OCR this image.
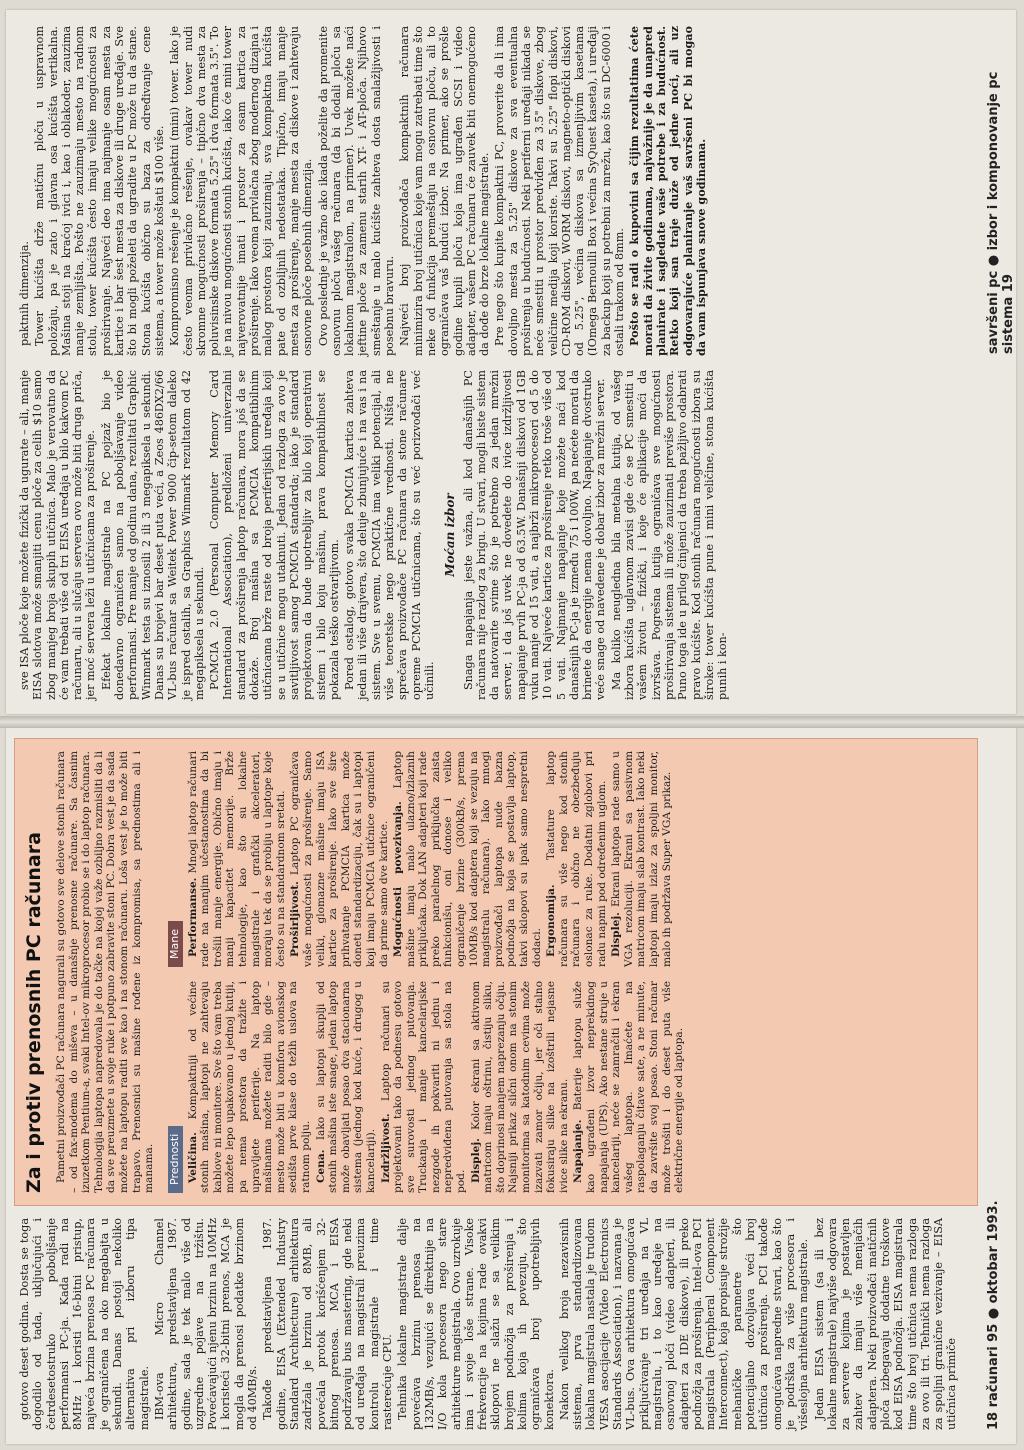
18 računari 95 ● oktobar 1993.

gotovo deset godina. Dosta se toga dogodilo od tada, uključujući i četrdesetostruko poboljšanje performansi PC-ja. Kada radi na 8MHz i koristi 16-bitni pristup, najveća brzina prenosa PC računara je ograničena na oko megabajta u sekundi. Danas postoji nekoliko alternativa pri izboru tipa magistrale. IBM-ova Micro Channel arhitektura, predstavljena 1987. godine, sada je tek malo više od uzgredne pojave na tržištu. Povećavajući njenu brzinu na 10MHz i koristeći 32-bitni prenos, MCA je mogla da prenosi podatke brzinom od 40MB/s. Takođe predstavljena 1987. godine, EISA (Extended Industry Standard Architecture) arhitektura zadržala je brzinu od 8MB, ali povećala protok korišćenjem 32-bitnog prenosa. MCA i EISA podržavaju bus mastering, gde neki od uređaja na magistrali preuzima kontrolu magistrale i time rasterećuje CPU. Tehnika lokalne magistrale dalje povećava brzinu prenosa na 132MB/s, vezujući se direktnije na I/O kola procesora nego stare arhitekture magistrala. Ovo uzrokuje ima i svoje loše strane. Visoke frekvencije na kojima rade ovakvi sklopovi ne slažu se sa velikim brojem podnožja za proširenja i kolima koja ih povezuju, što ograničava broj upotrebljivih konektora. Nakon velikog broja nezavisnih sistema, prva standardizovana lokalna magistrala nastala je trudom VESA asocijacije (Video Electronics Standards Association), i nazvana je VL-bus. Ova arhitektura omogućava priključivanje tri uređaja na VL magistralu, i to kao uređaje na osnovnoj ploči (video adapteri, ili adapteri za IDE diskove), ili preko podnožja za proširenja. Intel-ova PCI magistrala (Peripheral Component Interconnect), koja propisuje strožije mehaničke parametre što potencijalno dozvoljava veći broj utičnica za proširenja. PCI takođe omogućava napredne stvari, kao što je podrška za više procesora i višeslojna arhitektura magistrale. Jedan EISA sistem (sa ili bez lokalne magistrale) najviše odgovara za servere kojima je postavljen zahtev da imaju više menjačih adaptera. Neki proizvođači matičnih ploča izbegavaju dodatne troškove kod EISA podnožja. EISA magistrala time što broj utičnica nema razloga za ovo ili tri. Tehnički nema razloga za spoljni granične vezivanje – EISA utičnica primiče

Za i protiv prenosnih PC računara Pametni proizvođači PC računara nagurali su gotovo sve delove stonih računara – od fax-modema do miševa – u današnje prenosne računare. Sa časnim izuzetkom Pentium-a, svaki Intel-ov mikroprocesor probio se i do laptop računara. Tehnologija laptopa napredovala je do tačke na kojoj važe ozbiljno razmisliti da li da sve preuzmete u svoje ruke i potpuno zabravite stoni PC. Dobra vest je da sada možete na laptopu raditi sve kao i na stonom računaru. Loša vest je to može biti trapavo. Prenosnici su mašine rođene iz kompromisa, sa prednostima ali i manama. Prednosti Veličina. Kompaktniji od većine stonih mašina, laptopi ne zahtevaju kablove ni monitore. Sve što vam treba možete lepo upakovano u jednoj kutiji, pa nema prostora da tražite i upravljete periferije. Na laptop mašinama možete raditi bilo gde – mesto može biti u komforu avionskog sedišta prve klase do težih uslova na ratnom polju. Cena. Iako su laptopi skuplji od stonih mašina iste snage, jedan laptop može obavljati posao dva stacionarna sistema (jednog kod kuće, i drugog u kancelariji). Izdržljivost. Laptop računari su projektovani tako da podnesu gotovo sve surovosti jednog putovanja. Truckanja i manje kancelarijske nezgode ih pokvariti ni jednu i nepredviđena putovanja sa stola na pod. Displej. Kolor ekrani sa aktivnom matricom imaju oštrinu, čistiju sliku, što doprinosi manjem naprezanju očiju. Najsniji prikaz slični onom na stonim monitorima sa katodnim cevima može izazvati zamor očiju, jer oči stalno fokusiraju slike na izoštrili nejasne ivice slike na ekranu. Napajanje. Baterije laptopu služe kao ugrađeni izvor neprekidnog napajanja (UPS). Ako nestane struje u kancelariji, neće se zamračiti i ekran vašeg laptopa. Imaćete na raspolaganju čitave sate, a ne minute, da završite svoj posao. Stoni računar može trošiti i do deset puta više električne energije od laptopa.

Mane Performanse. Mnogi laptop računari rade na manjim učestanostima da bi trošili manje energije. Obično imaju i manji kapacitet memorije. Brže tehnologije, kao što su lokalne magistrale i grafički akceleratori, moraju tek da se probiju u laptope koje često su na standardnom sretati. Proširljivost. Laptop PC ograničava vaše mogućnosti za proširenje. Samo veliki, glomazne mašine imaju ISA kartice za proširenje. Iako sve šire prihvatanje PCMCIA kartica može doneti standardizaciju, čak su i laptopi koji imaju PCMCIA utičnice ograničeni da prime samo dve kartice. Mogućnosti povezivanja. Laptop mašine imaju malo ulazno/izlaznih priključaka. Dok LAN adapteri koji rade preko paralelnog priključka zaista funkcionišu, oni donose i veliko ograničenje brzine (300kB/s, prema 10MB/s kod adaptera koji se vezuju na magistralu računara). Iako mnogi proizvođači laptopa nude bazna podnožja na koja se postavlja laptop, takvi sklopovi su ipak samo nespretni dodaci. Ergonomija. Tastature laptop računara su više nego kod stonih računara i obično ne obezbeđuju oslonac za ruke. Dodatni zglobovi pri radu napmi pod određenim uglom. Displej. Ekrani laptopa rade samo u VGA rezoluciji. Ekrani sa pasivnom matricom imaju slab kontrast. Iako neki laptopi imaju izlaz za spoljni monitor, malo ih podržava Super VGA prikaz.

savršeni pc ● izbor i komponovanje pc sistema 19

sve ISA ploče koje možete fizički da ugurate – ali, manje EISA slotova može smanjiti cenu ploče za celih $10 samo zbog manjeg broja skupih utičnica. Malo je verovatno da će vam trebati više od tri EISA uređaja u bilo kakvom PC računaru, ali u slučaju servera ovo može biti druga priča, jer moć servera leži u utičnicama za proširenje. Efekat lokalne magistrale na PC pojzaž bio je donedavno ograničen samo na poboljšavanje video performansi. Pre manje od godinu dana, rezultati Graphic Winmark testa su iznosili 2 ili 3 megapiksela u sekundi. Danas su brojevi bar deset puta veći, a Zeos 486DX2/66 VL-bus računar sa Weitek Power 9000 čip-setom daleko je ispred ostalih, sa Graphics Winmark rezultatom od 42 megapiksela u sekundi. PCMCIA 2.0 (Personal Computer Memory Card International Association), predloženi univerzalni standard za proširenja laptop računara, mora još da se dokaže. Broj mašina sa PCMCIA kompatibilnim utičnicama brže raste od broja periferijskih uređaja koji se u utičnice mogu utaknuti. Jedan od razloga za ovo je savitljivost samog PCMCIA standarda; iako je standard projektovan da bude upotrebljiv za bilo koji operativni sistem i bilo koju mašinu, prava kompatibilnost se pokazala teško ostvarljivom. Pored ostalog, gotovo svaka PCMCIA kartica zahteva jedan ili više drajvera, što deluje zbunjujuće i na vas i na sistem. Sve u svemu, PCMCIA ima veliki potencijal, ali više teoretske nego praktične vrednosti. Ništa ne sprečava proizvođače PC računara da stone računare opreme PCMCIA utičnicama, što su već porizvođači već učinili.

Moćan izbor Snaga napajanja jeste važna, ali kod današnjih PC računara nije razlog za brigu. U stvari, mogli biste sistem da natovarite svime što je potrebno za jedan mrežni server, i da još uvek ne dovedete do ivice izdržljivosti napajanje prvih PC-ja od 63.5W. Današnji diskovi od 1GB vuku manje od 15 vati, a najbrži mikroprocesori od 5 do 10 vati. Najveće kartice za proširenje retko troše više od 5 vati. Najmanje napajanje koje možete naći kod današnjih PC-ja je između 75 i 100W, pa nećete morati da brinete da energije nema dovoljno. Napajanje dvostruko veće snage od navedene je dobar izbor za mrežni server. Ma koliko neugledna bila metalna kutija, od vašeg izbora kućišta uglavnom zavisi gde će se PC smestiti u vašem životu – fizički, i koje će aplikacije moći da izvršava. Pogrešna kutija ograničava sve mogućnosti proširivanja sistema ili može zauzimati previše prostora. Puno toga ide u prilog činjenici da treba pažljivo odabrati pravo kućište. Kod stonih računara mogućnosti izbora su široke: tower kućišta pune i mini veličine, stona kućišta punih i kon-

paktnih dimenzija. Tower kućišta drže matičnu ploču u uspravnom položaju, pa je zato i glavna osa kućišta vertikalna. Mašina stoji na kraćoj ivici i, kao i oblakoder, zauzima manje zemljišta. Pošto ne zauzimaju mesto na radnom stolu, tower kućišta često imaju velike mogućnosti za proširivanje. Najveći deo ima najmanje osam mesta za kartice i bar šest mesta za diskove ili druge uređaje. Sve što bi mogli poželeti da ugradite u PC može tu da stane. Stona kućišta obično su baza za određivanje cene sistema, a tower može koštati $100 više. Kompromisno rešenje je kompaktni (mini) tower. Iako je često veoma privlačno rešenje, ovakav tower nudi skromne mogućnosti proširenja – tipično dva mesta za poluvisinske diskove formata 5.25" i dva formata 3.5". To je na nivou mogućnosti stonih kućišta, iako će mini tower najverovatnije imati i prostor za osam kartica za proširenje. Iako veoma privlačna zbog modernog dizajna i malog prostora koji zauzimaju, sva kompaktna kućišta pate od ozbiljnih nedostataka. Tipično, imaju manje mesta za proširenje, manje mesta za diskove i zahtevaju osnovne ploče posebnih dimenzija. Ovo poslednje je važno ako ikada poželite da promenite osnovnu ploču vašeg računara (da bi dodali ploču sa lokalnom magistralom, na primer). Uvek možete naći jeftine ploče za zamenu starih XT- i AT-ploča. Njihovo smeštanje u malo kućište zahteva dosta snalažljivosti i posebnu bravuru. Najveći broj proizvođača kompaktnih računara minimizira broj utičnica koje vam mogu zatrebati time što neke od funkcija premeštaju na osnovnu ploču, ali to ograničava vaš budući izbor. Na primer, ako se prošle godine kupili ploču koja ima ugrađen SCSI i video adapter, vašem PC računaru će zauvek biti onemogućeno da dođe do brze lokalne magistrale. Pre nego što kupite kompaktni PC, proverite da li ima dovoljno mesta za 5.25" diskove za sva eventualna proširenja u budućnosti. Neki periferni uređaji nikada se neće smestiti u prostor predviđen za 3.5" diskove, zbog veličine medija koji koriste. Takvi su 5.25" flopi diskovi, CD-ROM diskovi, WORM diskovi, magneto-optički diskovi od 5.25", većina diskova sa izmenljivim kasetama (IOmega Bernoulli Box i većina SyQuest kaseta), i uređaji za backup koji su potrebni za mrežu, kao što su DC-6000 i ostali trakom od 8mm. Pošto se radi o kupovini sa čijim rezultatima ćete morati da živite godinama, najvažnije je da unapred planirate i sagledate vaše potrebe i za budućnost. Retko koji san traje duže od jedne noći, ali uz odgovarajuće planiranje vaš savršeni PC bi mogao da vam ispunjava snove godinama.
